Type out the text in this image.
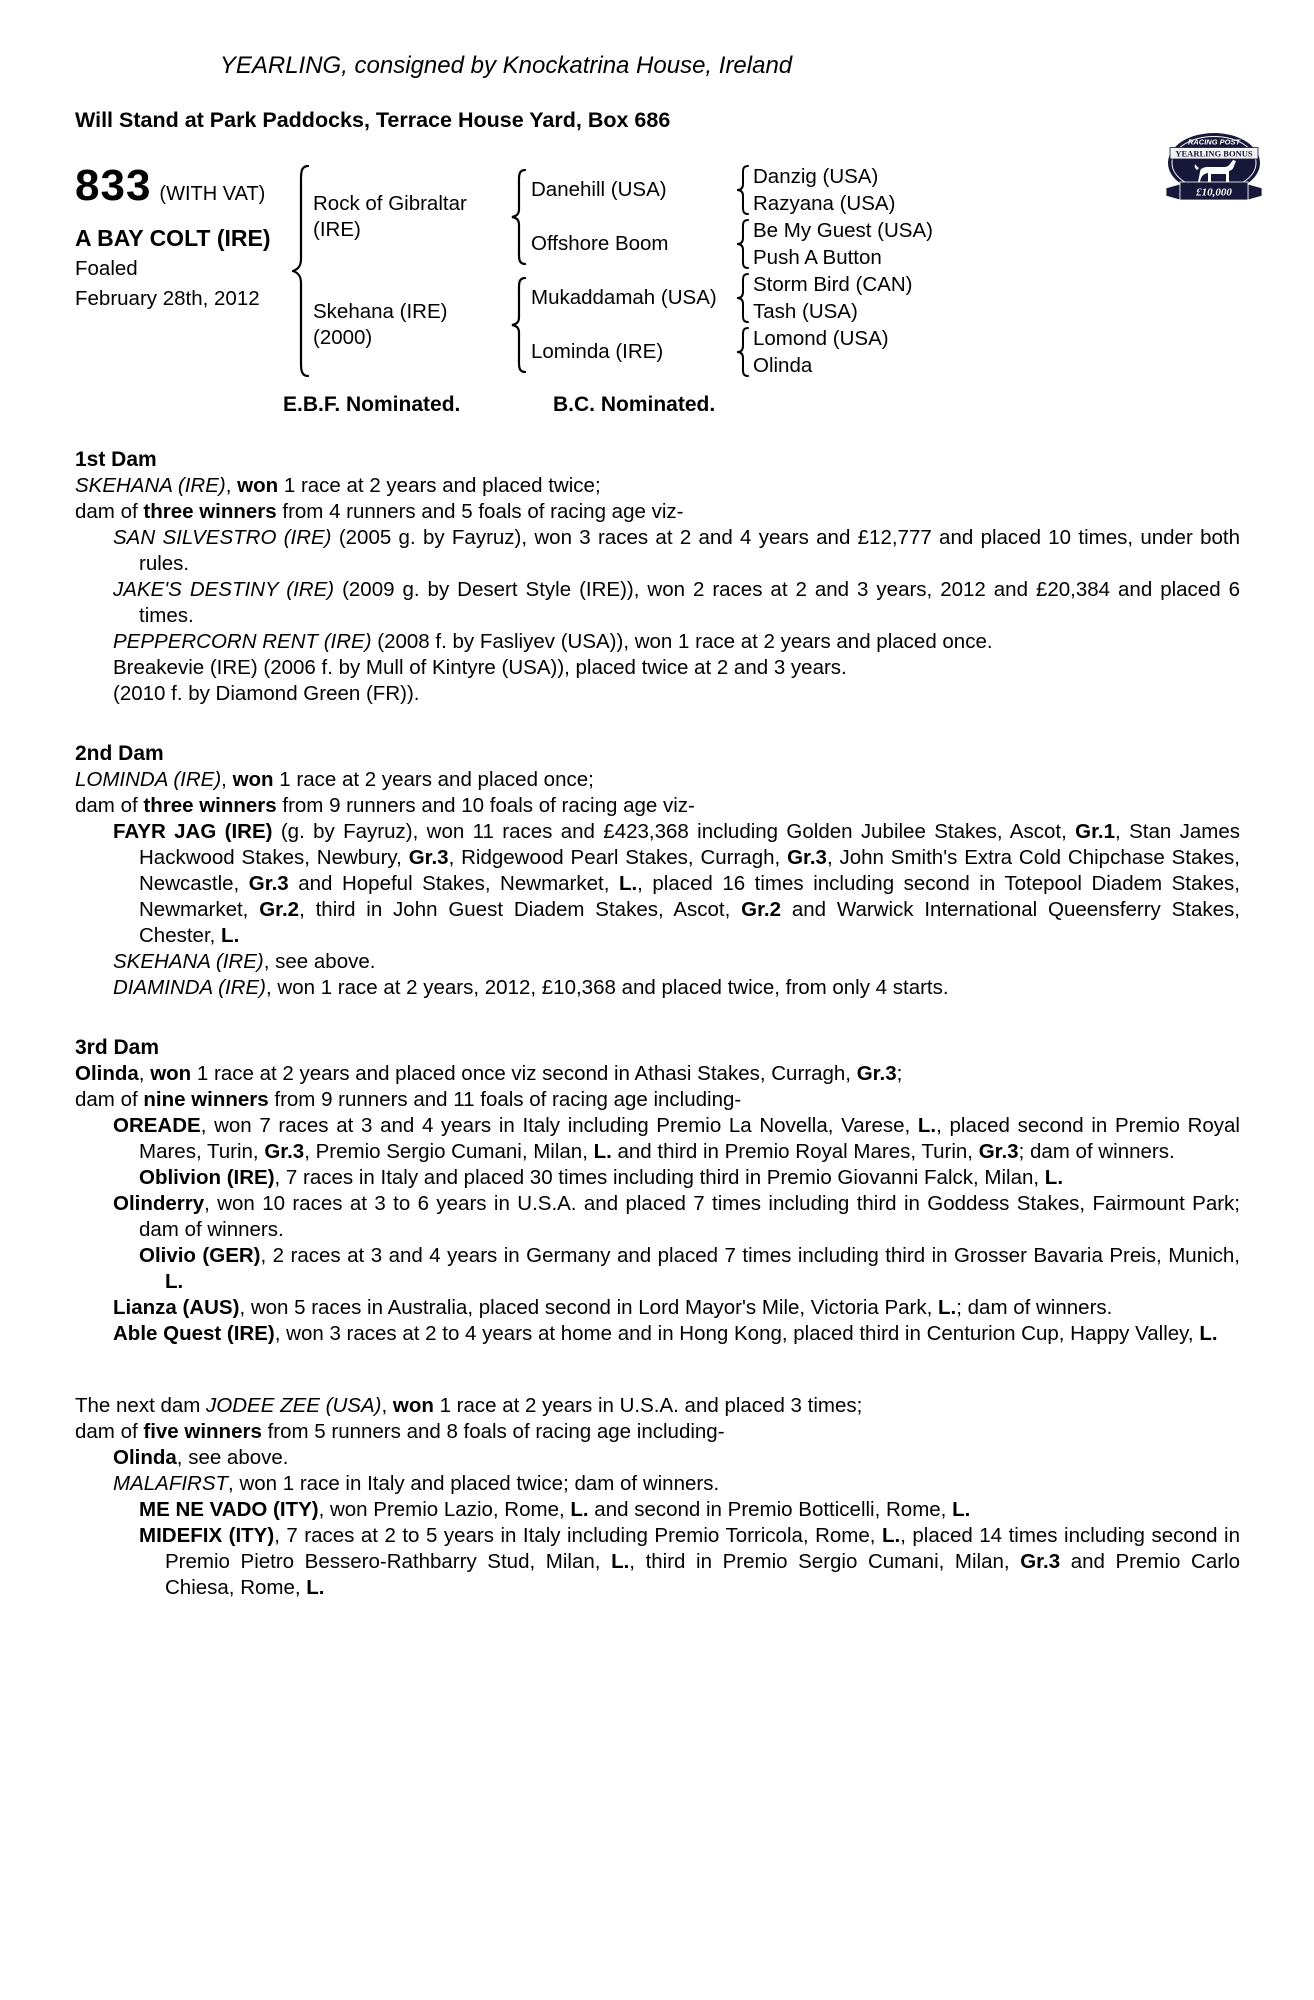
YEARLING, consigned by Knockatrina House, Ireland
Will Stand at Park Paddocks, Terrace House Yard, Box 686
RACING POST
YEARLING BONUS
£10,000
833 (WITH VAT)
A BAY COLT (IRE)
Foaled
February 28th, 2012
Rock of Gibraltar
(IRE)
Skehana (IRE)
(2000)
Danehill (USA)
Offshore Boom
Mukaddamah (USA)
Lominda (IRE)
Danzig (USA)
Razyana (USA)
Be My Guest (USA)
Push A Button
Storm Bird (CAN)
Tash (USA)
Lomond (USA)
Olinda
E.B.F. Nominated.	B.C. Nominated.
1st Dam

SKEHANA (IRE), won 1 race at 2 years and placed twice;

dam of three winners from 4 runners and 5 foals of racing age viz-

SAN SILVESTRO (IRE) (2005 g. by Fayruz), won 3 races at 2 and 4 years and £12,777 and placed 10 times, under both rules.

JAKE'S DESTINY (IRE) (2009 g. by Desert Style (IRE)), won 2 races at 2 and 3 years, 2012 and £20,384 and placed 6 times.

PEPPERCORN RENT (IRE) (2008 f. by Fasliyev (USA)), won 1 race at 2 years and placed once.

Breakevie (IRE) (2006 f. by Mull of Kintyre (USA)), placed twice at 2 and 3 years.

(2010 f. by Diamond Green (FR)).

2nd Dam

LOMINDA (IRE), won 1 race at 2 years and placed once;

dam of three winners from 9 runners and 10 foals of racing age viz-

FAYR JAG (IRE) (g. by Fayruz), won 11 races and £423,368 including Golden Jubilee Stakes, Ascot, Gr.1, Stan James Hackwood Stakes, Newbury, Gr.3, Ridgewood Pearl Stakes, Curragh, Gr.3, John Smith's Extra Cold Chipchase Stakes, Newcastle, Gr.3 and Hopeful Stakes, Newmarket, L., placed 16 times including second in Totepool Diadem Stakes, Newmarket, Gr.2, third in John Guest Diadem Stakes, Ascot, Gr.2 and Warwick International Queensferry Stakes, Chester, L.

SKEHANA (IRE), see above.

DIAMINDA (IRE), won 1 race at 2 years, 2012, £10,368 and placed twice, from only 4 starts.

3rd Dam

Olinda, won 1 race at 2 years and placed once viz second in Athasi Stakes, Curragh, Gr.3;

dam of nine winners from 9 runners and 11 foals of racing age including-

OREADE, won 7 races at 3 and 4 years in Italy including Premio La Novella, Varese, L., placed second in Premio Royal Mares, Turin, Gr.3, Premio Sergio Cumani, Milan, L. and third in Premio Royal Mares, Turin, Gr.3; dam of winners.

Oblivion (IRE), 7 races in Italy and placed 30 times including third in Premio Giovanni Falck, Milan, L.

Olinderry, won 10 races at 3 to 6 years in U.S.A. and placed 7 times including third in Goddess Stakes, Fairmount Park; dam of winners.

Olivio (GER), 2 races at 3 and 4 years in Germany and placed 7 times including third in Grosser Bavaria Preis, Munich, L.

Lianza (AUS), won 5 races in Australia, placed second in Lord Mayor's Mile, Victoria Park, L.; dam of winners.

Able Quest (IRE), won 3 races at 2 to 4 years at home and in Hong Kong, placed third in Centurion Cup, Happy Valley, L.

The next dam JODEE ZEE (USA), won 1 race at 2 years in U.S.A. and placed 3 times;

dam of five winners from 5 runners and 8 foals of racing age including-

Olinda, see above.

MALAFIRST, won 1 race in Italy and placed twice; dam of winners.

ME NE VADO (ITY), won Premio Lazio, Rome, L. and second in Premio Botticelli, Rome, L.

MIDEFIX (ITY), 7 races at 2 to 5 years in Italy including Premio Torricola, Rome, L., placed 14 times including second in Premio Pietro Bessero-Rathbarry Stud, Milan, L., third in Premio Sergio Cumani, Milan, Gr.3 and Premio Carlo Chiesa, Rome, L.
